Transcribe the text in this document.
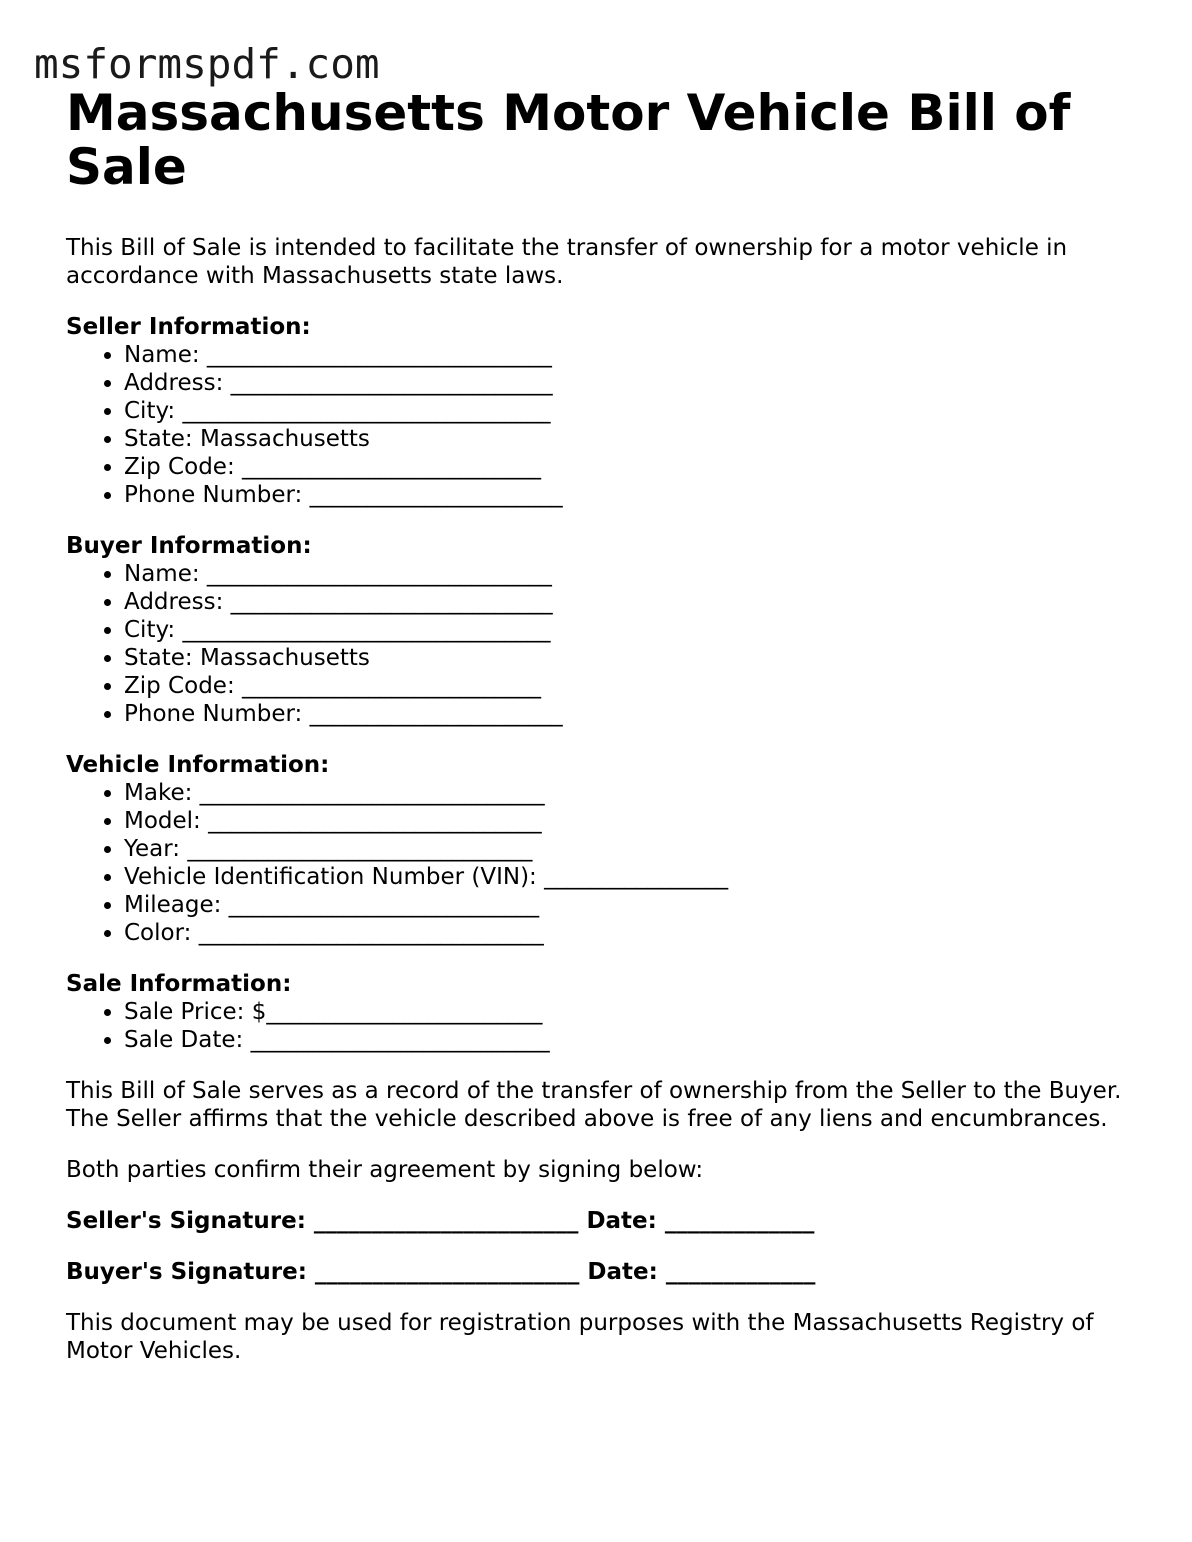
msformspdf.com
Massachusetts Motor Vehicle Bill of Sale

This Bill of Sale is intended to facilitate the transfer of ownership for a motor vehicle in accordance with Massachusetts state laws.

Seller Information:

• Name: ______________________________
• Address: ____________________________
• City: ________________________________
• State: Massachusetts
• Zip Code: __________________________
• Phone Number: ______________________

Buyer Information:

• Name: ______________________________
• Address: ____________________________
• City: ________________________________
• State: Massachusetts
• Zip Code: __________________________
• Phone Number: ______________________

Vehicle Information:

• Make: ______________________________
• Model: _____________________________
• Year: ______________________________
• Vehicle Identification Number (VIN): ________________
• Mileage: ___________________________
• Color: ______________________________

Sale Information:

• Sale Price: $________________________
• Sale Date: __________________________

This Bill of Sale serves as a record of the transfer of ownership from the Seller to the Buyer. The Seller affirms that the vehicle described above is free of any liens and encumbrances.

Both parties confirm their agreement by signing below:

Seller's Signature: _______________________ Date: _____________

Buyer's Signature: _______________________ Date: _____________

This document may be used for registration purposes with the Massachusetts Registry of Motor Vehicles.
